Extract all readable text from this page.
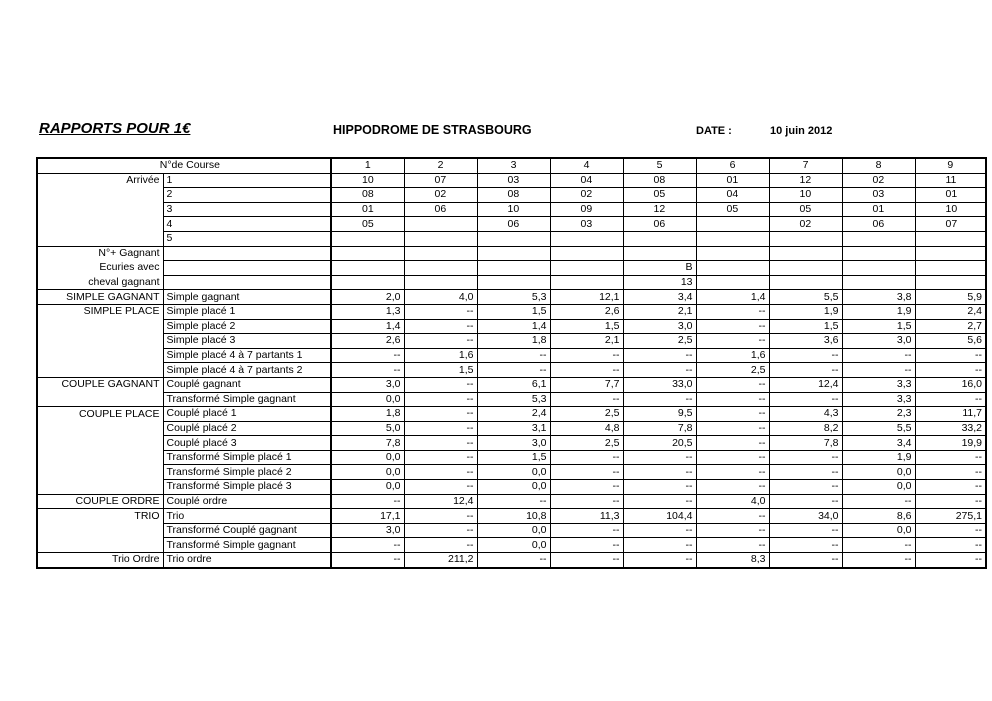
RAPPORTS POUR 1€	HIPPODROME DE STRASBOURG	DATE :	10 juin 2012
N°de Course		1	2	3	4	5	6	7	8	9
Arrivée	1	10	07	03	04	08	01	12	02	11
	2	08	02	08	02	05	04	10	03	01
	3	01	06	10	09	12	05	05	01	10
	4	05		06	03	06		02	06	07
	5									
N°+ Gagnant										
Ecuries avec						B				
cheval gagnant						13				
SIMPLE GAGNANT	Simple gagnant	2,0	4,0	5,3	12,1	3,4	1,4	5,5	3,8	5,9
SIMPLE PLACE	Simple placé 1	1,3	--	1,5	2,6	2,1	--	1,9	1,9	2,4
	Simple placé 2	1,4	--	1,4	1,5	3,0	--	1,5	1,5	2,7
	Simple placé 3	2,6	--	1,8	2,1	2,5	--	3,6	3,0	5,6
	Simple placé 4 à 7 partants 1	--	1,6	--	--	--	1,6	--	--	--
	Simple placé 4 à 7 partants 2	--	1,5	--	--	--	2,5	--	--	--
COUPLE GAGNANT	Couplé gagnant	3,0	--	6,1	7,7	33,0	--	12,4	3,3	16,0
	Transformé Simple gagnant	0,0	--	5,3	--	--	--	--	3,3	--
COUPLE PLACE	Couplé placé 1	1,8	--	2,4	2,5	9,5	--	4,3	2,3	11,7
	Couplé placé 2	5,0	--	3,1	4,8	7,8	--	8,2	5,5	33,2
	Couplé placé 3	7,8	--	3,0	2,5	20,5	--	7,8	3,4	19,9
	Transformé Simple placé 1	0,0	--	1,5	--	--	--	--	1,9	--
	Transformé Simple placé 2	0,0	--	0,0	--	--	--	--	0,0	--
	Transformé Simple placé 3	0,0	--	0,0	--	--	--	--	0,0	--
COUPLE ORDRE	Couplé ordre	--	12,4	--	--	--	4,0	--	--	--
TRIO	Trio	17,1	--	10,8	11,3	104,4	--	34,0	8,6	275,1
	Transformé Couplé gagnant	3,0	--	0,0	--	--	--	--	0,0	--
	Transformé Simple gagnant	--	--	0,0	--	--	--	--	--	--
Trio Ordre	Trio ordre	--	211,2	--	--	--	8,3	--	--	--
